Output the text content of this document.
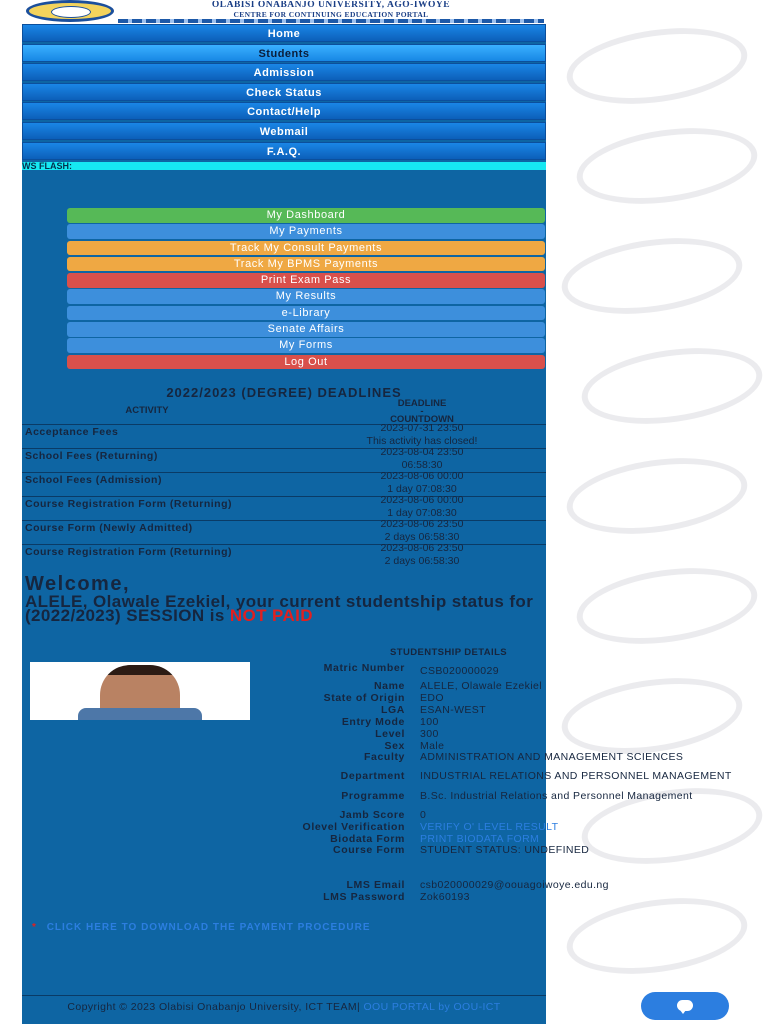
OLABISI ONABANJO UNIVERSITY, AGO-IWOYE
CENTRE FOR CONTINUING EDUCATION PORTAL
Home
Students
Admission
Check Status
Contact/Help
Webmail
F.A.Q.
WS FLASH:
My Dashboard
My Payments
Track My Consult Payments
Track My BPMS Payments
Print Exam Pass
My Results
e-Library
Senate Affairs
My Forms
Log Out
2022/2023 (DEGREE) DEADLINES
ACTIVITY
DEADLINE
-
COUNTDOWN
Acceptance Fees	2023-07-31 23:50
This activity has closed!
School Fees (Returning)	2023-08-04 23:50
06:58:30
School Fees (Admission)	2023-08-06 00:00
1 day 07:08:30
Course Registration Form (Returning)	2023-08-06 00:00
1 day 07:08:30
Course Form (Newly Admitted)	2023-08-06 23:50
2 days 06:58:30
Course Registration Form (Returning)	2023-08-06 23:50
2 days 06:58:30
Welcome,
ALELE, Olawale Ezekiel, your current studentship status for (2022/2023) SESSION is NOT PAID
STUDENTSHIP DETAILS
Matric Number CSB020000029
Name ALELE, Olawale Ezekiel
State of Origin EDO
LGA ESAN-WEST
Entry Mode 100
Level 300
Sex Male
Faculty ADMINISTRATION AND MANAGEMENT SCIENCES
Department INDUSTRIAL RELATIONS AND PERSONNEL MANAGEMENT
Programme B.Sc. Industrial Relations and Personnel Management
Jamb Score 0
Olevel Verification VERIFY O' LEVEL RESULT
Biodata Form PRINT BIODATA FORM
Course Form STUDENT STATUS: UNDEFINED
LMS Email csb020000029@oouagoiwoye.edu.ng
LMS Password Zok60193
* CLICK HERE TO DOWNLOAD THE PAYMENT PROCEDURE
Copyright © 2023 Olabisi Onabanjo University, ICT TEAM| OOU PORTAL by OOU-ICT
